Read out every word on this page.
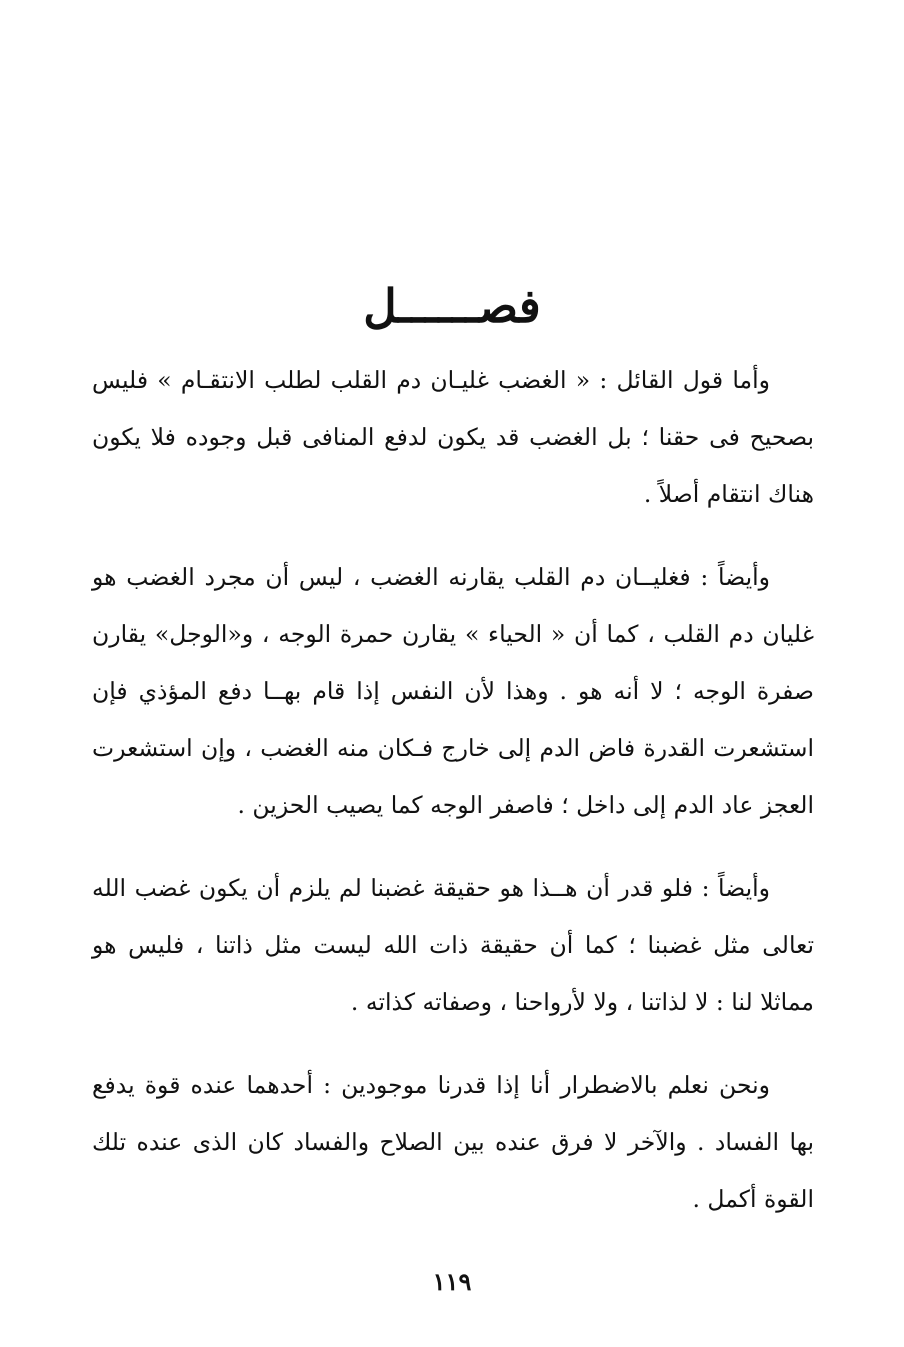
فصــــــل

وأما قول القائل : « الغضب غليـان دم القلب لطلب الانتقـام » فليس بصحيح فى حقنا ؛ بل الغضب قد يكون لدفع المنافى قبل وجوده فلا يكون هناك انتقام أصلاً .

وأيضاً : فغليــان دم القلب يقارنه الغضب ، ليس أن مجرد الغضب هو غليان دم القلب ، كما أن « الحياء » يقارن حمرة الوجه ، و«الوجل» يقارن صفرة الوجه ؛ لا أنه هو . وهذا لأن النفس إذا قام بهــا دفع المؤذي فإن استشعرت القدرة فاض الدم إلى خارج فـكان منه الغضب ، وإن استشعرت العجز عاد الدم إلى داخل ؛ فاصفر الوجه كما يصيب الحزين .

وأيضاً : فلو قدر أن هــذا هو حقيقة غضبنا لم يلزم أن يكون غضب الله تعالى مثل غضبنا ؛ كما أن حقيقة ذات الله ليست مثل ذاتنا ، فليس هو مماثلا لنا : لا لذاتنا ، ولا لأرواحنا ، وصفاته كذاته .

ونحن نعلم بالاضطرار أنا إذا قدرنا موجودين : أحدهما عنده قوة يدفع بها الفساد . والآخر لا فرق عنده بين الصلاح والفساد كان الذى عنده تلك القوة أكمل .

١١٩
